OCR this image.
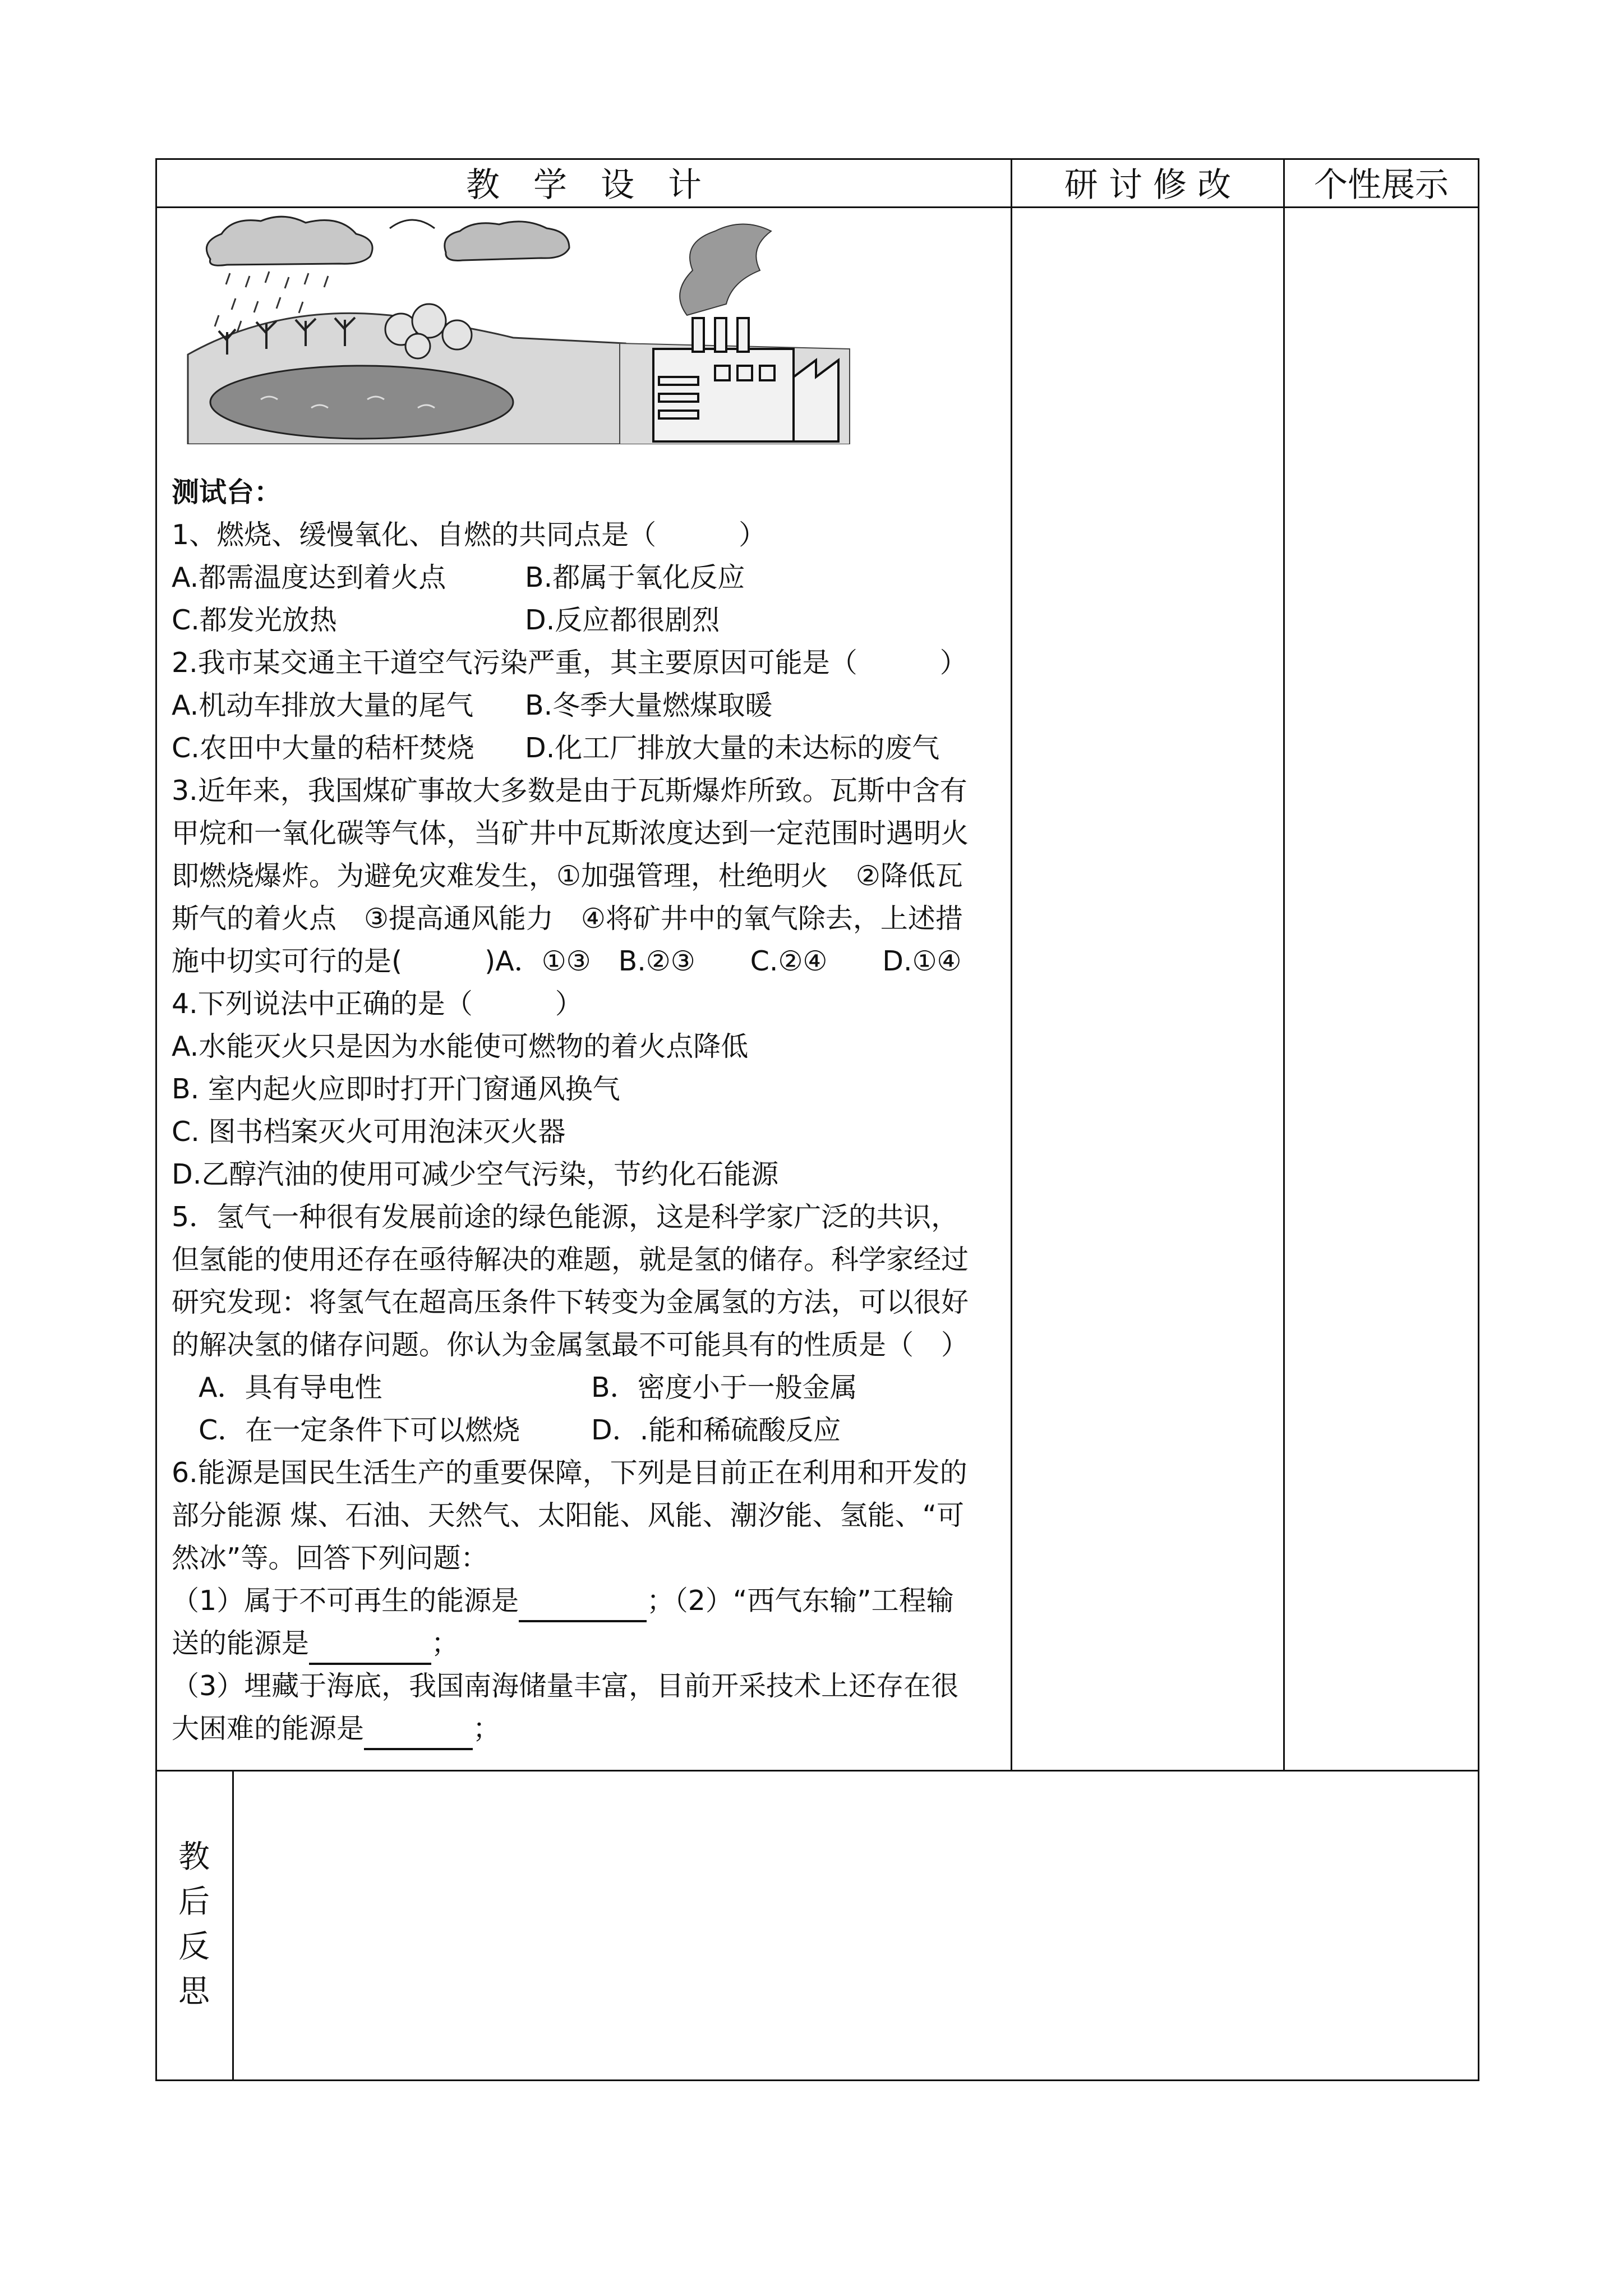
教　学　设　计	研 讨 修 改 个性展示

测试台：

1、燃烧、缓慢氧化、自燃的共同点是（　　　）

A.都需温度达到着火点	B.都属于氧化反应

C.都发光放热	D.反应都很剧烈

2.我市某交通主干道空气污染严重，其主要原因可能是（　　　）

A.机动车排放大量的尾气	B.冬季大量燃煤取暖

C.农田中大量的秸杆焚烧	D.化工厂排放大量的未达标的废气

3.近年来，我国煤矿事故大多数是由于瓦斯爆炸所致。瓦斯中含有

甲烷和一氧化碳等气体，当矿井中瓦斯浓度达到一定范围时遇明火

即燃烧爆炸。为避免灾难发生，①加强管理，杜绝明火　②降低瓦

斯气的着火点　③提高通风能力　④将矿井中的氧气除去，上述措

施中切实可行的是(　　　)A．①③　B.②③　　C.②④　　D.①④

4.下列说法中正确的是（　　　）

A.水能灭火只是因为水能使可燃物的着火点降低

B. 室内起火应即时打开门窗通风换气

C. 图书档案灭火可用泡沫灭火器

D.乙醇汽油的使用可减少空气污染，节约化石能源

5．氢气一种很有发展前途的绿色能源，这是科学家广泛的共识，

但氢能的使用还存在亟待解决的难题，就是氢的储存。科学家经过

研究发现：将氢气在超高压条件下转变为金属氢的方法，可以很好

的解决氢的储存问题。你认为金属氢最不可能具有的性质是（　）

A．具有导电性	B．密度小于一般金属

C．在一定条件下可以燃烧	D．.能和稀硫酸反应

6.能源是国民生活生产的重要保障，下列是目前正在利用和开发的

部分能源 煤、石油、天然气、太阳能、风能、潮汐能、氢能、“可

然冰”等。回答下列问题：

（1）属于不可再生的能源是	；（2）“西气东输”工程输

送的能源是	；

（3）埋藏于海底，我国南海储量丰富，目前开采技术上还存在很

大困难的能源是	；

教
后
反
思
